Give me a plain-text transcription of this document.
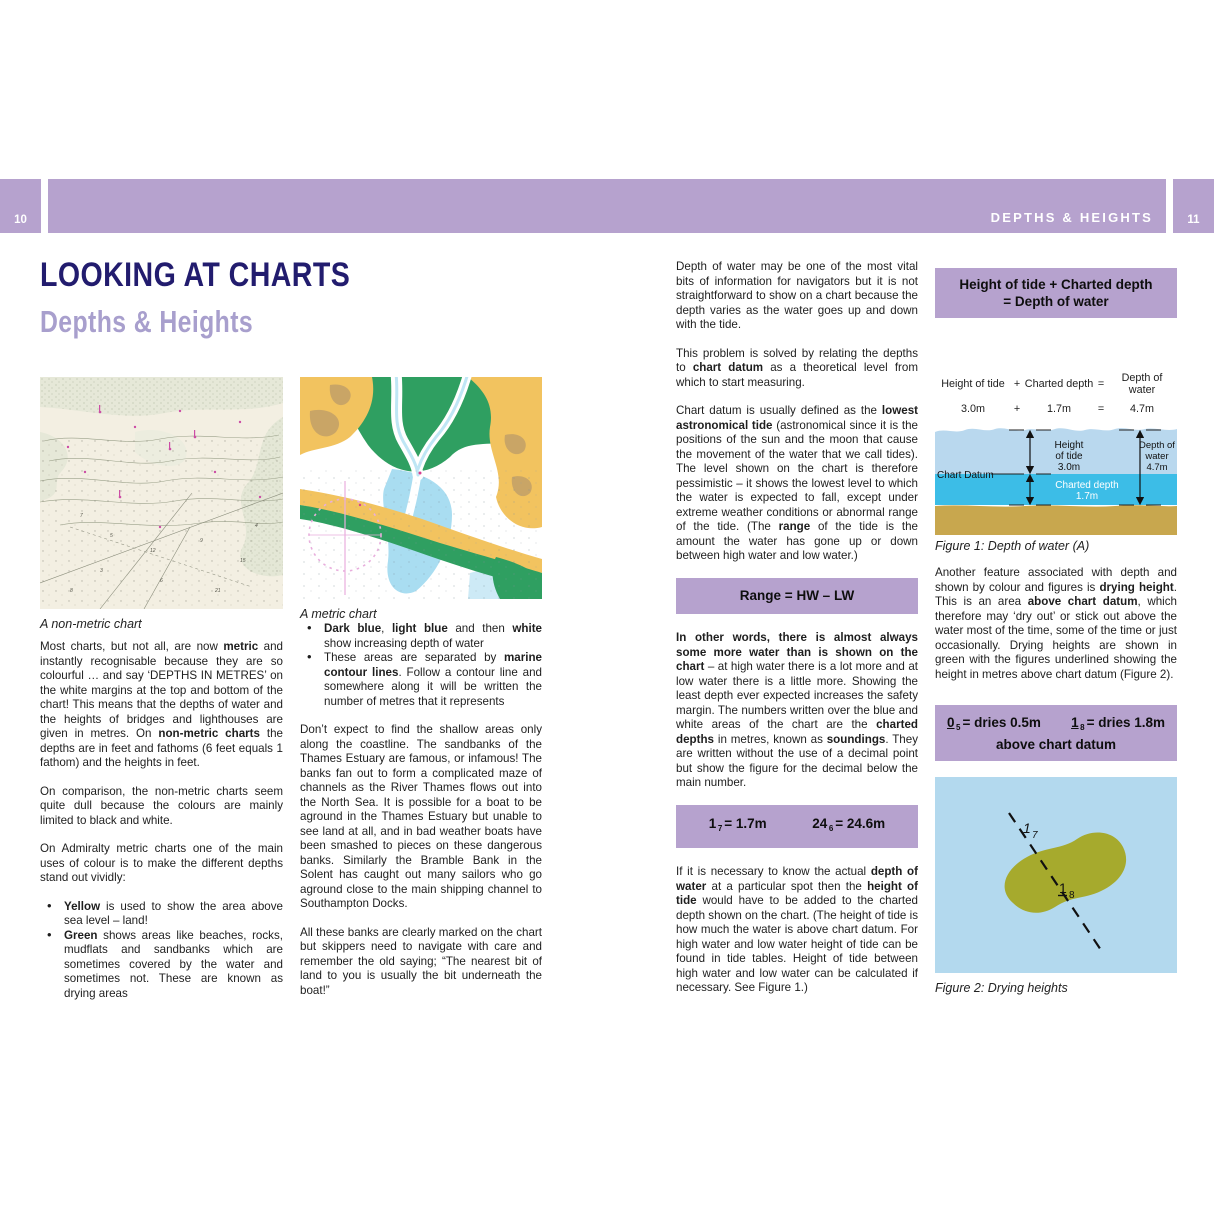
10	DEPTHS & HEIGHTS	11
LOOKING AT CHARTS
Depths & Heights
7
5
12
9
15
3
6
21
8
4
A non-metric chart
A metric chart

Most charts, but not all, are now metric and instantly recognisable because they are so colourful … and say ‘DEPTHS IN METRES’ on the white margins at the top and bottom of the chart! This means that the depths of water and the heights of bridges and lighthouses are given in metres. On non-metric charts the depths are in feet and fathoms (6 feet equals 1 fathom) and the heights in feet.

On comparison, the non-metric charts seem quite dull because the colours are mainly limited to black and white.

On Admiralty metric charts one of the main uses of colour is to make the different depths stand out vividly:

• Yellow is used to show the area above sea level – land!
• Green shows areas like beaches, rocks, mudflats and sandbanks which are sometimes covered by the water and sometimes not. These are known as drying areas
• Dark blue, light blue and then white show increasing depth of water
• These areas are separated by marine contour lines. Follow a contour line and somewhere along it will be written the number of metres that it represents

Don’t expect to find the shallow areas only along the coastline. The sandbanks of the Thames Estuary are famous, or infamous! The banks fan out to form a complicated maze of channels as the River Thames flows out into the North Sea. It is possible for a boat to be aground in the Thames Estuary but unable to see land at all, and in bad weather boats have been smashed to pieces on these dangerous banks. Similarly the Bramble Bank in the Solent has caught out many sailors who go aground close to the main shipping channel to Southampton Docks.

All these banks are clearly marked on the chart but skippers need to navigate with care and remember the old saying; “The nearest bit of land to you is usually the bit underneath the boat!”

Depth of water may be one of the most vital bits of information for navigators but it is not straightforward to show on a chart because the depth varies as the water goes up and down with the tide.

This problem is solved by relating the depths to chart datum as a theoretical level from which to start measuring.

Chart datum is usually defined as the lowest astronomical tide (astronomical since it is the positions of the sun and the moon that cause the movement of the water that we call tides). The level shown on the chart is therefore pessimistic – it shows the lowest level to which the water is expected to fall, except under extreme weather conditions or abnormal range of the tide. (The range of the tide is the amount the water has gone up or down between high water and low water.)

Range = HW – LW

In other words, there is almost always some more water than is shown on the chart – at high water there is a lot more and at low water there is a little more. Showing the least depth ever expected increases the safety margin. The numbers written over the blue and white areas of the chart are the charted depths in metres, known as soundings. They are written without the use of a decimal point but show the figure for the decimal below the main number.

1 $_7$ = 1.7m	24 $_6$ = 24.6m

If it is necessary to know the actual depth of water at a particular spot then the height of tide would have to be added to the charted depth shown on the chart. (The height of tide is how much the water is above chart datum. For high water and low water height of tide can be found in tide tables. Height of tide between high water and low water can be calculated if necessary. See Figure 1.)

Height of tide + Charted depth
= Depth of water
Height of tide + Charted depth =	Depth of water
3.0m	+	1.7m	=	4.7m
Chart Datum
Height
of tide
3.0m
Charted depth
1.7m
Depth of
water
4.7m
Figure 1: Depth of water (A)
Another feature associated with depth and shown by colour and figures is drying height. This is an area above chart datum, which therefore may ‘dry out’ or stick out above the water most of the time, some of the time or just occasionally. Drying heights are shown in green with the figures underlined showing the height in metres above chart datum (Figure 2).
0 $_5$ = dries 0.5m 1 $_8$ = dries 1.8m
above chart datum
1 7
1 8
Figure 2: Drying heights
